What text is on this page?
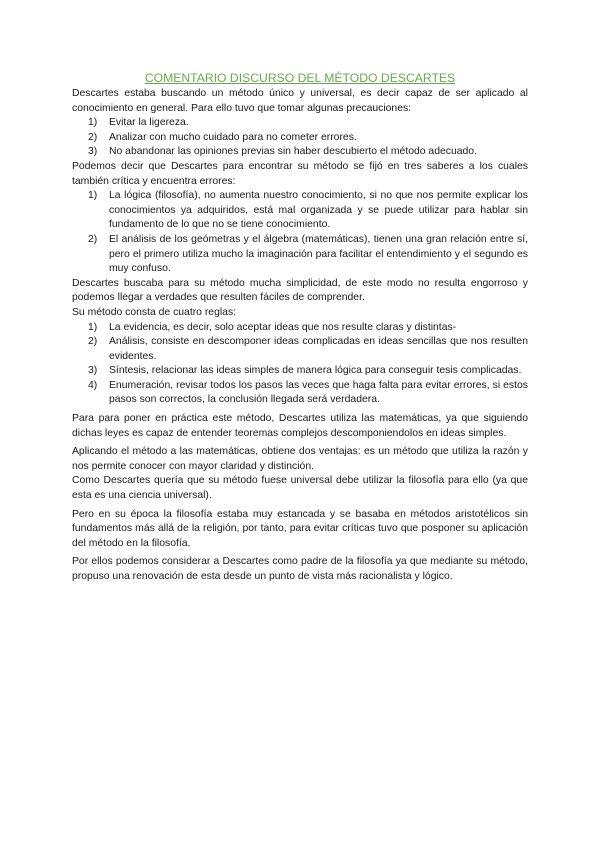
COMENTARIO DISCURSO DEL MÉTODO DESCARTES

Descartes estaba buscando un método único y universal, es decir capaz de ser aplicado al conocimiento en general. Para ello tuvo que tomar algunas precauciones:

1) Evitar la ligereza.
2) Analizar con mucho cuidado para no cometer errores.
3) No abandonar las opiniones previas sin haber descubierto el método adecuado.

Podemos decir que Descartes para encontrar su método se fijó en tres saberes a los cuales también crítica y encuentra errores:

1) La lógica (filosofía), no aumenta nuestro conocimiento, si no que nos permite explicar los conocimientos ya adquiridos, está mal organizada y se puede utilizar para hablar sin fundamento de lo que no se tiene conocimiento.
2) El análisis de los geómetras y el álgebra (matemáticas), tienen una gran relación entre sí, pero el primero utiliza mucho la imaginación para facilitar el entendimiento y el segundo es muy confuso.

Descartes buscaba para su método mucha simplicidad, de este modo no resulta engorroso y podemos llegar a verdades que resulten fáciles de comprender.

Su método consta de cuatro reglas:

1) La evidencia, es decir, solo aceptar ideas que nos resulte claras y distintas-
2) Análisis, consiste en descomponer ideas complicadas en ideas sencillas que nos resulten evidentes.
3) Síntesis, relacionar las ideas simples de manera lógica para conseguir tesis complicadas.
4) Enumeración, revisar todos los pasos las veces que haga falta para evitar errores, si estos pasos son correctos, la conclusión llegada será verdadera.

Para para poner en práctica este método, Descartes utiliza las matemáticas, ya que siguiendo dichas leyes es capaz de entender teoremas complejos descomponiendolos en ideas simples.

Aplicando el método a las matemáticas, obtiene dos ventajas: es un método que utiliza la razón y nos permite conocer con mayor claridad y distinción.

Como Descartes quería que su método fuese universal debe utilizar la filosofía para ello (ya que esta es una ciencia universal).

Pero en su época la filosofía estaba muy estancada y se basaba en métodos aristotélicos sin fundamentos más allá de la religión, por tanto, para evitar críticas tuvo que posponer su aplicación del método en la filosofía.

Por ellos podemos considerar a Descartes como padre de la filosofía ya que mediante su método, propuso una renovación de esta desde un punto de vista más racionalista y lógico.
